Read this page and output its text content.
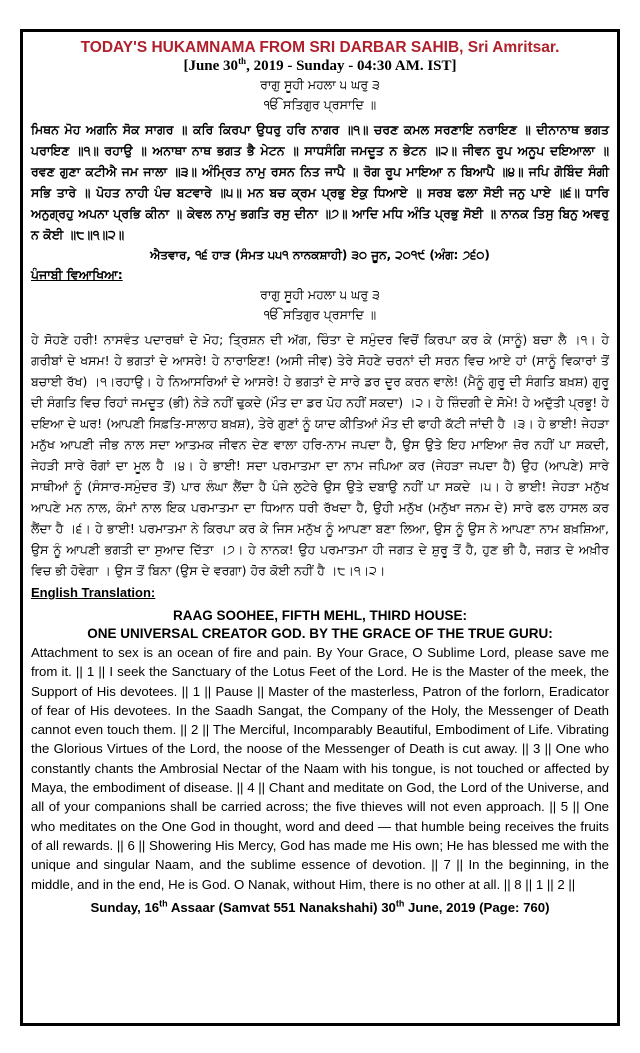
TODAY'S HUKAMNAMA FROM SRI DARBAR SAHIB, Sri Amritsar.
[June 30th, 2019 - Sunday - 04:30 AM. IST]
ਰਾਗੁ ਸੂਹੀ ਮਹਲਾ ੫ ਘਰੁ ੩
ੴ ਸਤਿਗੁਰ ਪ੍ਰਸਾਦਿ ॥
ਮਿਥਨ ਮੋਹ ਅਗਨਿ ਸੋਕ ਸਾਗਰ ॥ ਕਰਿ ਕਿਰਪਾ ਉਧਰੁ ਹਰਿ ਨਾਗਰ ॥੧॥ ਚਰਣ ਕਮਲ ਸਰਣਾਇ ਨਰਾਇਣ ॥ ਦੀਨਾਨਾਥ ਭਗਤ ਪਰਾਇਣ ॥੧॥ ਰਹਾਉ ॥ ਅਨਾਥਾ ਨਾਥ ਭਗਤ ਭੈ ਮੇਟਨ ॥ ਸਾਧਸੰਗਿ ਜਮਦੂਤ ਨ ਭੇਟਨ ॥੨॥ ਜੀਵਨ ਰੂਪ ਅਨੂਪ ਦਇਆਲਾ ॥ ਰਵਣ ਗੁਣਾ ਕਟੀਐ ਜਮ ਜਾਲਾ ॥੩॥ ਅੰਮ੍ਰਿਤ ਨਾਮੁ ਰਸਨ ਨਿਤ ਜਾਪੈ ॥ ਰੋਗ ਰੂਪ ਮਾਇਆ ਨ ਬਿਆਪੈ ॥੪॥ ਜਪਿ ਗੋਬਿੰਦ ਸੰਗੀ ਸਭਿ ਤਾਰੇ ॥ ਪੋਹਤ ਨਾਹੀ ਪੰਚ ਬਟਵਾਰੇ ॥੫॥ ਮਨ ਬਚ ਕ੍ਰਮ ਪ੍ਰਭੁ ਏਕੁ ਧਿਆਏ ॥ ਸਰਬ ਫਲਾ ਸੋਈ ਜਨੁ ਪਾਏ ॥੬॥ ਧਾਰਿ ਅਨੁਗ੍ਰਹੁ ਅਪਨਾ ਪ੍ਰਭਿ ਕੀਨਾ ॥ ਕੇਵਲ ਨਾਮੁ ਭਗਤਿ ਰਸੁ ਦੀਨਾ ॥੭॥ ਆਦਿ ਮਧਿ ਅੰਤਿ ਪ੍ਰਭੁ ਸੋਈ ॥ ਨਾਨਕ ਤਿਸੁ ਬਿਨੁ ਅਵਰੁ ਨ ਕੋਈ ॥੮॥੧॥੨॥
ਐਤਵਾਰ, ੧੬ ਹਾੜ (ਸੰਮਤ ੫੫੧ ਨਾਨਕਸ਼ਾਹੀ) ੩੦ ਜੂਨ, ੨੦੧੯ (ਅੰਗ: ੭੬੦)
ਪੰਜਾਬੀ ਵਿਆਖਿਆ:
ਰਾਗੁ ਸੂਹੀ ਮਹਲਾ ੫ ਘਰੁ ੩
ੴ ਸਤਿਗੁਰ ਪ੍ਰਸਾਦਿ ॥
ਹੇ ਸੋਹਣੇ ਹਰੀ! ਨਾਸਵੰਤ ਪਦਾਰਥਾਂ ਦੇ ਮੋਹ; ਤ੍ਰਿਸ਼ਨ ਦੀ ਅੱਗ, ਚਿੰਤਾ ਦੇ ਸਮੁੰਦਰ ਵਿਚੋਂ ਕਿਰਪਾ ਕਰ ਕੇ (ਸਾਨੂੰ) ਬਚਾ ਲੈ ।੧। ਹੇ ਗਰੀਬਾਂ ਦੇ ਖਸਮ! ਹੇ ਭਗਤਾਂ ਦੇ ਆਸਰੇ! ਹੇ ਨਾਰਾਇਣ! (ਅਸੀ ਜੀਵ) ਤੇਰੇ ਸੋਹਣੇ ਚਰਨਾਂ ਦੀ ਸਰਨ ਵਿਚ ਆਏ ਹਾਂ (ਸਾਨੂੰ ਵਿਕਾਰਾਂ ਤੋਂ ਬਚਾਈ ਰੱਖ) ।੧।ਰਹਾਉ। ਹੇ ਨਿਆਸਰਿਆਂ ਦੇ ਆਸਰੇ! ਹੇ ਭਗਤਾਂ ਦੇ ਸਾਰੇ ਡਰ ਦੂਰ ਕਰਨ ਵਾਲੇ! (ਮੈਨੂੰ ਗੁਰੂ ਦੀ ਸੰਗਤਿ ਬਖ਼ਸ਼) ਗੁਰੂ ਦੀ ਸੰਗਤਿ ਵਿਚ ਰਿਹਾਂ ਜਮਦੂਤ (ਭੀ) ਨੇੜੇ ਨਹੀਂ ਢੁਕਦੇ (ਮੌਤ ਦਾ ਡਰ ਪੋਹ ਨਹੀਂ ਸਕਦਾ) ।੨। ਹੇ ਜ਼ਿੰਦਗੀ ਦੇ ਸੋਮੇ! ਹੇ ਅਦੁੱਤੀ ਪ੍ਰਭੂ! ਹੇ ਦਇਆ ਦੇ ਘਰ! (ਆਪਣੀ ਸਿਫ਼ਤਿ-ਸਾਲਾਹ ਬਖ਼ਸ਼), ਤੇਰੇ ਗੁਣਾਂ ਨੂੰ ਯਾਦ ਕੀਤਿਆਂ ਮੌਤ ਦੀ ਫਾਹੀ ਕੱਟੀ ਜਾਂਦੀ ਹੈ ।੩। ਹੇ ਭਾਈ! ਜੇਹੜਾ ਮਨੁੱਖ ਆਪਣੀ ਜੀਭ ਨਾਲ ਸਦਾ ਆਤਮਕ ਜੀਵਨ ਦੇਣ ਵਾਲਾ ਹਰਿ-ਨਾਮ ਜਪਦਾ ਹੈ, ਉਸ ਉਤੇ ਇਹ ਮਾਇਆ ਜ਼ੋਰ ਨਹੀਂ ਪਾ ਸਕਦੀ, ਜੇਹੜੀ ਸਾਰੇ ਰੋਗਾਂ ਦਾ ਮੂਲ ਹੈ ।੪। ਹੇ ਭਾਈ! ਸਦਾ ਪਰਮਾਤਮਾ ਦਾ ਨਾਮ ਜਪਿਆ ਕਰ (ਜੇਹੜਾ ਜਪਦਾ ਹੈ) ਉਹ (ਆਪਣੇ) ਸਾਰੇ ਸਾਥੀਆਂ ਨੂੰ (ਸੰਸਾਰ-ਸਮੁੰਦਰ ਤੋਂ) ਪਾਰ ਲੰਘਾ ਲੈਂਦਾ ਹੈ ਪੰਜੇ ਲੁਟੇਰੇ ਉਸ ਉਤੇ ਦਬਾਉ ਨਹੀਂ ਪਾ ਸਕਦੇ ।੫। ਹੇ ਭਾਈ! ਜੇਹੜਾ ਮਨੁੱਖ ਆਪਣੇ ਮਨ ਨਾਲ, ਕੰਮਾਂ ਨਾਲ ਇਕ ਪਰਮਾਤਮਾ ਦਾ ਧਿਆਨ ਧਰੀ ਰੱਖਦਾ ਹੈ, ਉਹੀ ਮਨੁੱਖ (ਮਨੁੱਖਾ ਜਨਮ ਦੇ) ਸਾਰੇ ਫਲ ਹਾਸਲ ਕਰ ਲੈਂਦਾ ਹੈ ।੬। ਹੇ ਭਾਈ! ਪਰਮਾਤਮਾ ਨੇ ਕਿਰਪਾ ਕਰ ਕੇ ਜਿਸ ਮਨੁੱਖ ਨੂੰ ਆਪਣਾ ਬਣਾ ਲਿਆ, ਉਸ ਨੂੰ ਉਸ ਨੇ ਆਪਣਾ ਨਾਮ ਬਖ਼ਸ਼ਿਆ, ਉਸ ਨੂੰ ਆਪਣੀ ਭਗਤੀ ਦਾ ਸੁਆਦ ਦਿੱਤਾ ।੭। ਹੇ ਨਾਨਕ! ਉਹ ਪਰਮਾਤਮਾ ਹੀ ਜਗਤ ਦੇ ਸ਼ੁਰੂ ਤੋਂ ਹੈ, ਹੁਣ ਭੀ ਹੈ, ਜਗਤ ਦੇ ਅਖ਼ੀਰ ਵਿਚ ਭੀ ਹੋਵੇਗਾ । ਉਸ ਤੋਂ ਬਿਨਾ (ਉਸ ਦੇ ਵਰਗਾ) ਹੋਰ ਕੋਈ ਨਹੀਂ ਹੈ ।੮।੧।੨।
English Translation:
RAAG SOOHEE, FIFTH MEHL, THIRD HOUSE:
ONE UNIVERSAL CREATOR GOD. BY THE GRACE OF THE TRUE GURU:
Attachment to sex is an ocean of fire and pain. By Your Grace, O Sublime Lord, please save me from it. || 1 || I seek the Sanctuary of the Lotus Feet of the Lord. He is the Master of the meek, the Support of His devotees. || 1 || Pause || Master of the masterless, Patron of the forlorn, Eradicator of fear of His devotees. In the Saadh Sangat, the Company of the Holy, the Messenger of Death cannot even touch them. || 2 || The Merciful, Incomparably Beautiful, Embodiment of Life. Vibrating the Glorious Virtues of the Lord, the noose of the Messenger of Death is cut away. || 3 || One who constantly chants the Ambrosial Nectar of the Naam with his tongue, is not touched or affected by Maya, the embodiment of disease. || 4 || Chant and meditate on God, the Lord of the Universe, and all of your companions shall be carried across; the five thieves will not even approach. || 5 || One who meditates on the One God in thought, word and deed — that humble being receives the fruits of all rewards. || 6 || Showering His Mercy, God has made me His own; He has blessed me with the unique and singular Naam, and the sublime essence of devotion. || 7 || In the beginning, in the middle, and in the end, He is God. O Nanak, without Him, there is no other at all. || 8 || 1 || 2 ||
Sunday, 16th Assaar (Samvat 551 Nanakshahi) 30th June, 2019 (Page: 760)
